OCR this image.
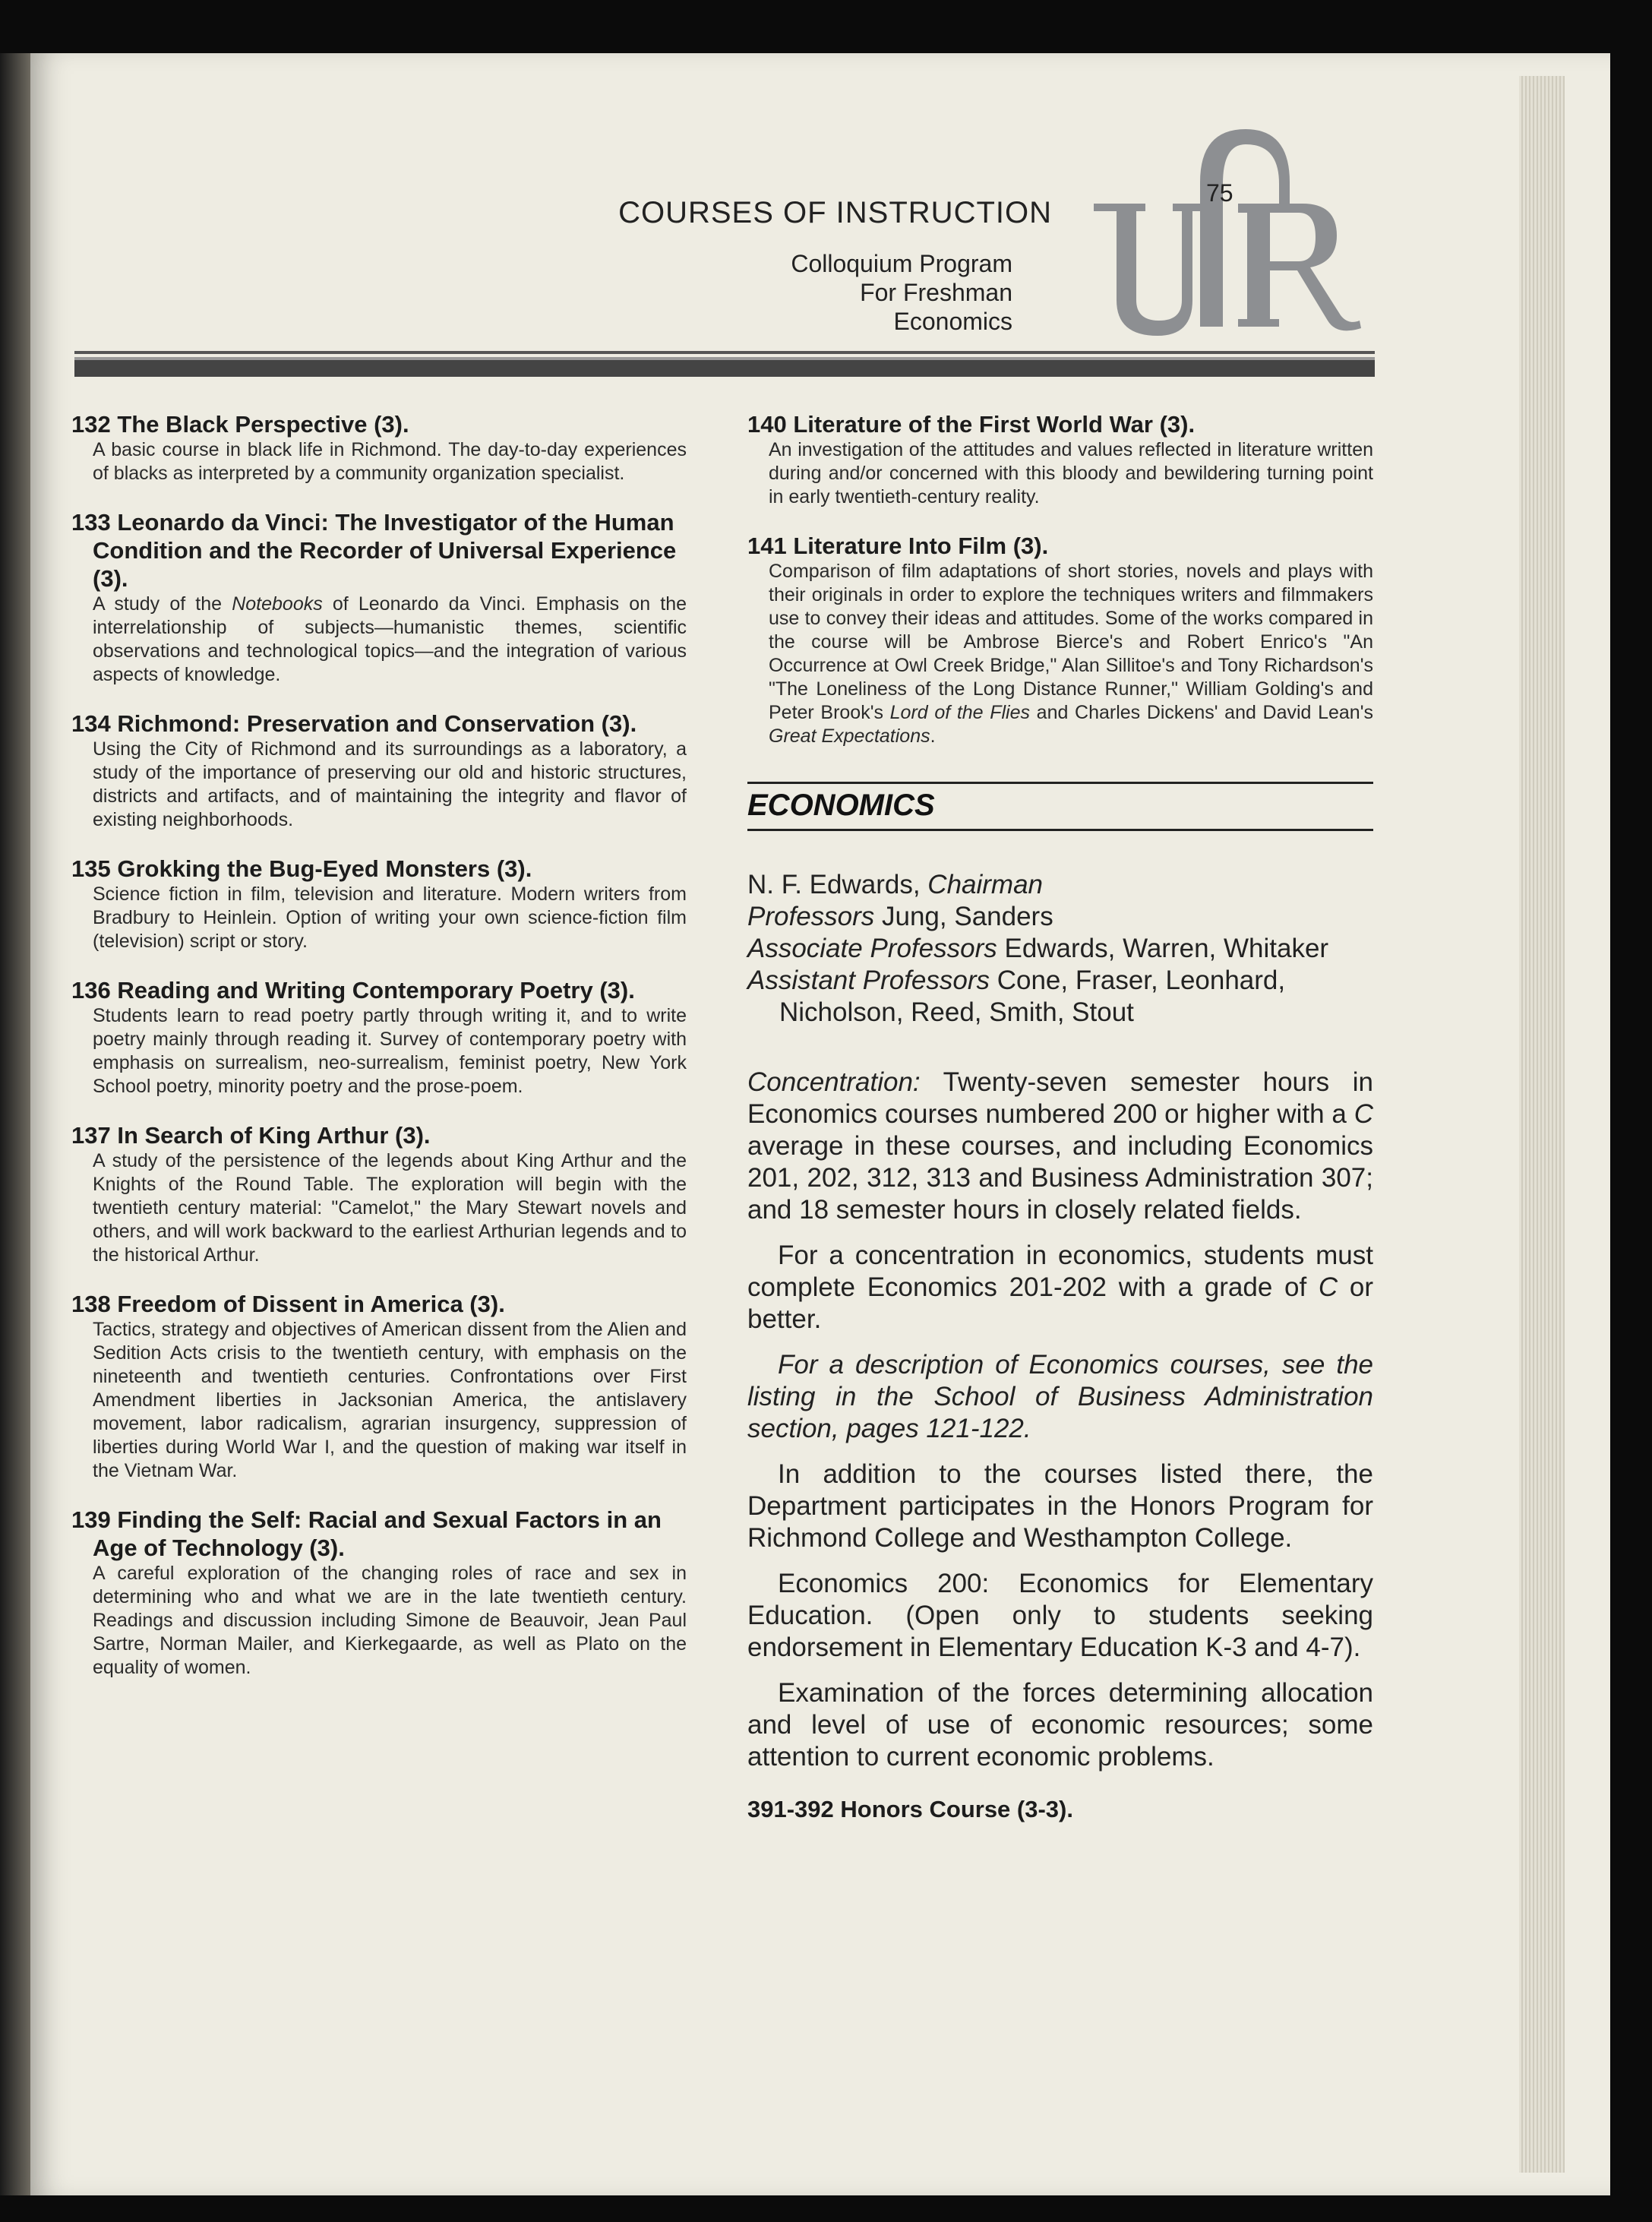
COURSES OF INSTRUCTION
Colloquium Program
For Freshman
Economics
75
132 The Black Perspective (3).
A basic course in black life in Richmond. The day-to-day experiences of blacks as interpreted by a community organization specialist.
133 Leonardo da Vinci: The Investigator of the Human Condition and the Recorder of Universal Experience (3).
A study of the Notebooks of Leonardo da Vinci. Emphasis on the interrelationship of subjects—humanistic themes, scientific observations and technological topics—and the integration of various aspects of knowledge.
134 Richmond: Preservation and Conservation (3).
Using the City of Richmond and its surroundings as a laboratory, a study of the importance of preserving our old and historic structures, districts and artifacts, and of maintaining the integrity and flavor of existing neighborhoods.
135 Grokking the Bug-Eyed Monsters (3).
Science fiction in film, television and literature. Modern writers from Bradbury to Heinlein. Option of writing your own science-fiction film (television) script or story.
136 Reading and Writing Contemporary Poetry (3).
Students learn to read poetry partly through writing it, and to write poetry mainly through reading it. Survey of contemporary poetry with emphasis on surrealism, neo-surrealism, feminist poetry, New York School poetry, minority poetry and the prose-poem.
137 In Search of King Arthur (3).
A study of the persistence of the legends about King Arthur and the Knights of the Round Table. The exploration will begin with the twentieth century material: "Camelot," the Mary Stewart novels and others, and will work backward to the earliest Arthurian legends and to the historical Arthur.
138 Freedom of Dissent in America (3).
Tactics, strategy and objectives of American dissent from the Alien and Sedition Acts crisis to the twentieth century, with emphasis on the nineteenth and twentieth centuries. Confrontations over First Amendment liberties in Jacksonian America, the antislavery movement, labor radicalism, agrarian insurgency, suppression of liberties during World War I, and the question of making war itself in the Vietnam War.
139 Finding the Self: Racial and Sexual Factors in an Age of Technology (3).
A careful exploration of the changing roles of race and sex in determining who and what we are in the late twentieth century. Readings and discussion including Simone de Beauvoir, Jean Paul Sartre, Norman Mailer, and Kierkegaarde, as well as Plato on the equality of women.
140 Literature of the First World War (3).
An investigation of the attitudes and values reflected in literature written during and/or concerned with this bloody and bewildering turning point in early twentieth-century reality.
141 Literature Into Film (3).
Comparison of film adaptations of short stories, novels and plays with their originals in order to explore the techniques writers and filmmakers use to convey their ideas and attitudes. Some of the works compared in the course will be Ambrose Bierce's and Robert Enrico's "An Occurrence at Owl Creek Bridge," Alan Sillitoe's and Tony Richardson's "The Loneliness of the Long Distance Runner," William Golding's and Peter Brook's Lord of the Flies and Charles Dickens' and David Lean's Great Expectations.
ECONOMICS
N. F. Edwards, Chairman
Professors Jung, Sanders
Associate Professors Edwards, Warren, Whitaker
Assistant Professors Cone, Fraser, Leonhard,
Nicholson, Reed, Smith, Stout
Concentration: Twenty-seven semester hours in Economics courses numbered 200 or higher with a C average in these courses, and including Economics 201, 202, 312, 313 and Business Administration 307; and 18 semester hours in closely related fields.
For a concentration in economics, students must complete Economics 201-202 with a grade of C or better.
For a description of Economics courses, see the listing in the School of Business Administration section, pages 121-122.
In addition to the courses listed there, the Department participates in the Honors Program for Richmond College and Westhampton College.
Economics 200: Economics for Elementary Education. (Open only to students seeking endorsement in Elementary Education K-3 and 4-7).
Examination of the forces determining allocation and level of use of economic resources; some attention to current economic problems.
391-392 Honors Course (3-3).
